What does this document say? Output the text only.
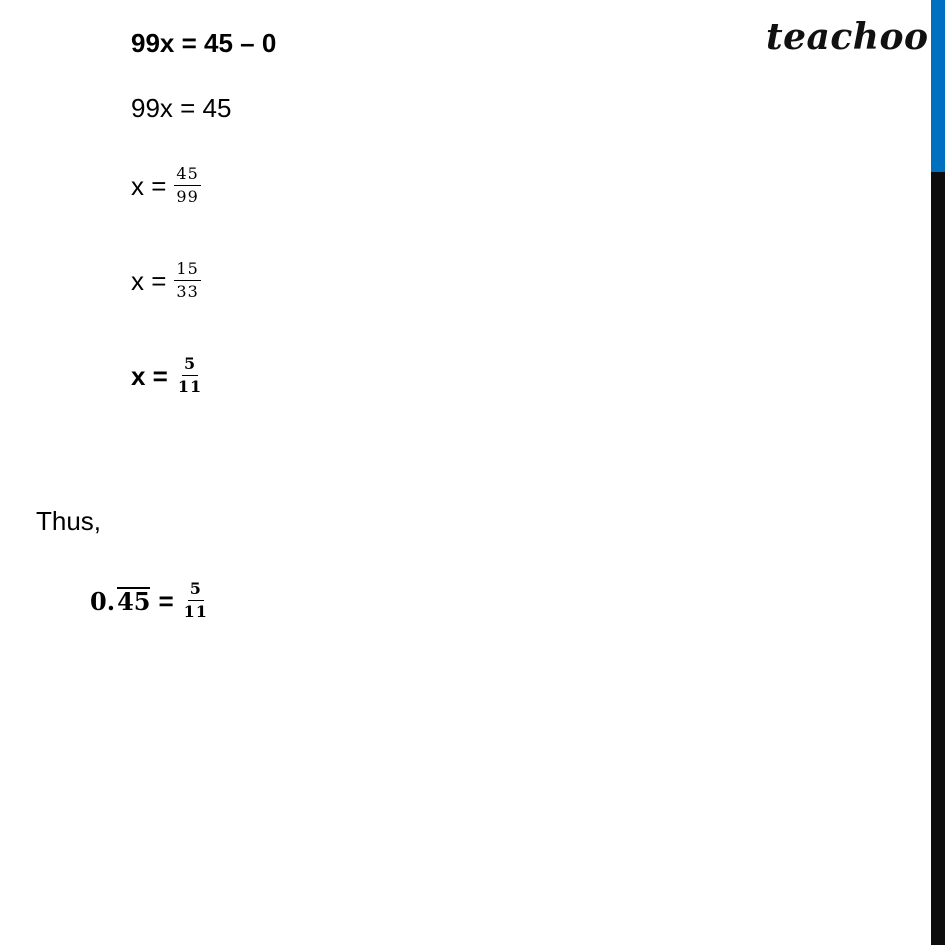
teachoo
99x = 45 – 0
99x = 45
$x = \frac{45}{99}$
$x = \frac{15}{33}$
$x = \frac{5}{11}$
Thus,
0. $45 = \frac{5}{11}$
